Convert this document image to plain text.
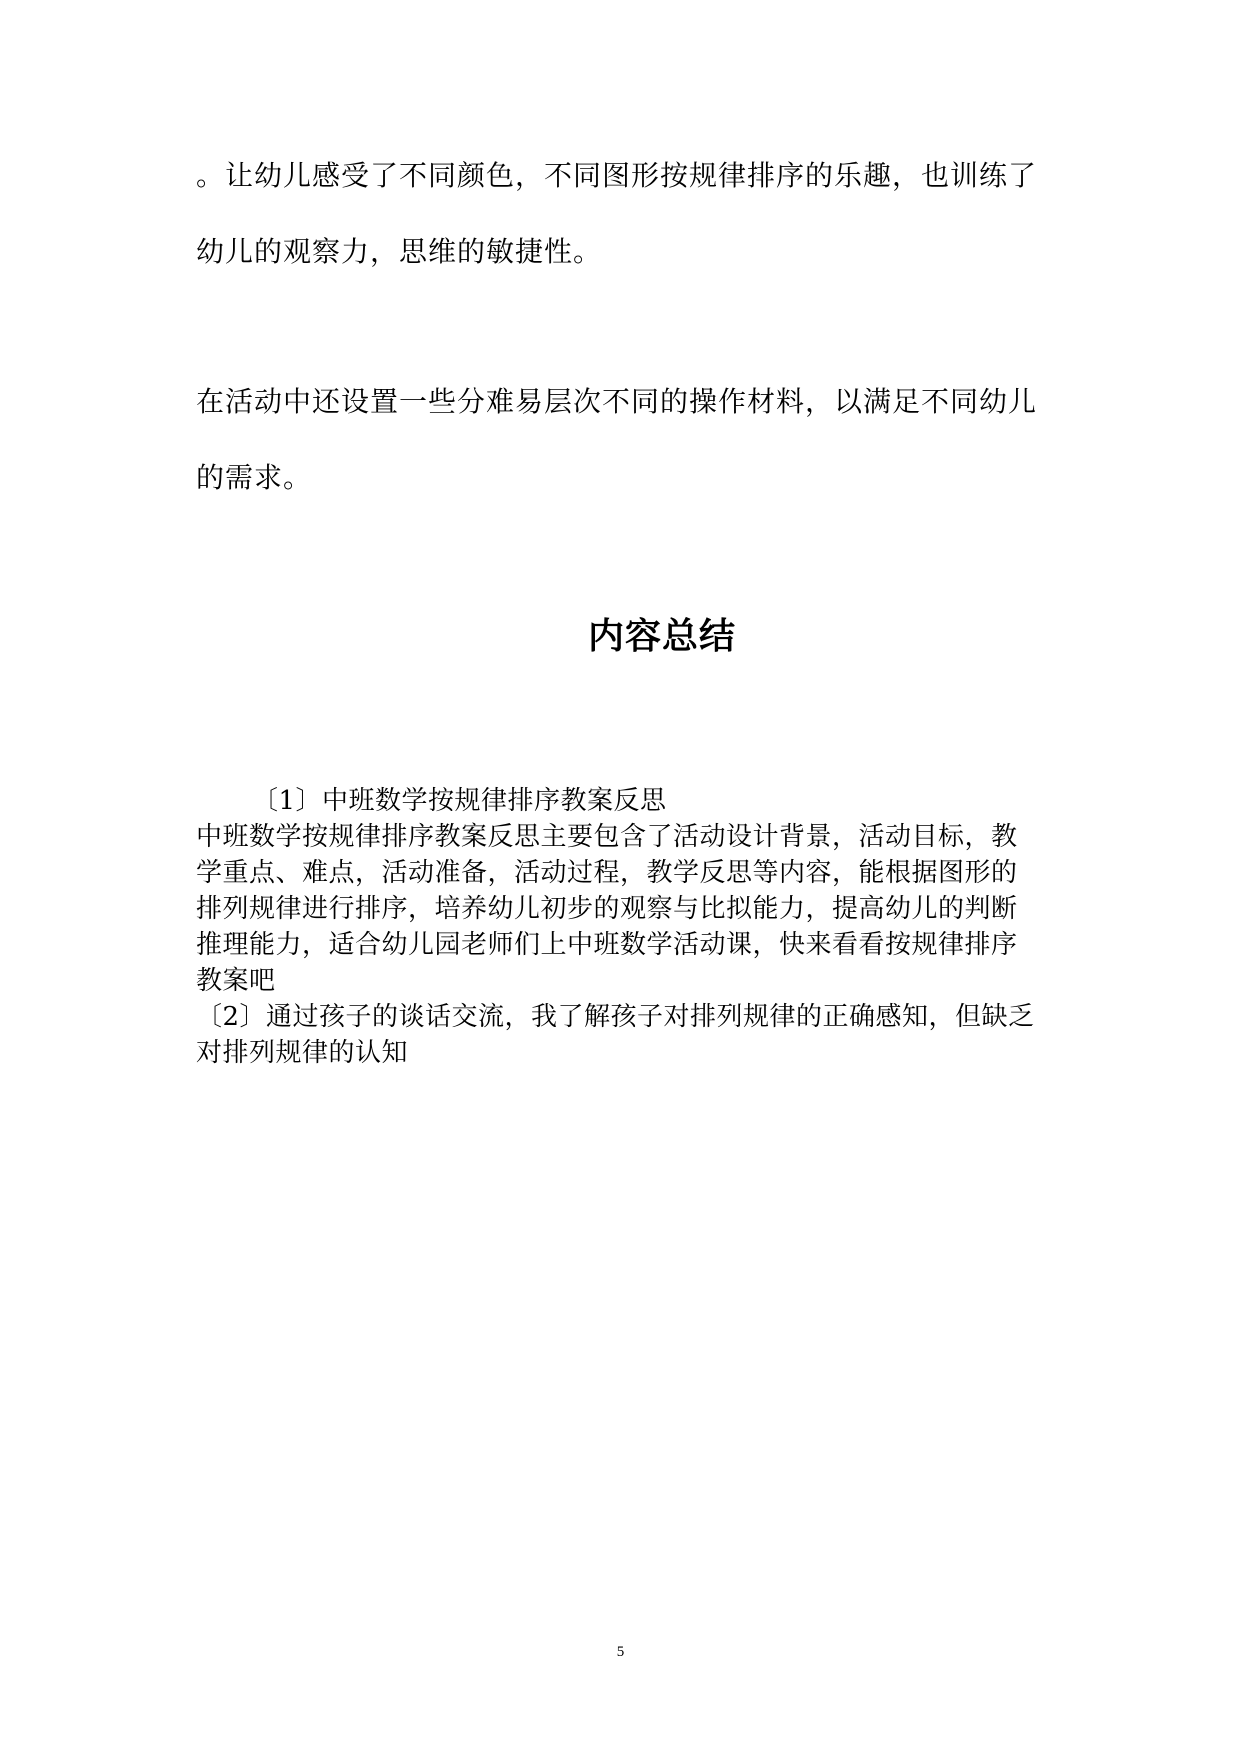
。让幼儿感受了不同颜色，不同图形按规律排序的乐趣，也训练了
幼儿的观察力，思维的敏捷性。
在活动中还设置一些分难易层次不同的操作材料，以满足不同幼儿
的需求。
内容总结
〔1〕中班数学按规律排序教案反思
中班数学按规律排序教案反思主要包含了活动设计背景，活动目标，教
学重点、难点，活动准备，活动过程，教学反思等内容，能根据图形的
排列规律进行排序，培养幼儿初步的观察与比拟能力，提高幼儿的判断
推理能力，适合幼儿园老师们上中班数学活动课，快来看看按规律排序
教案吧
〔2〕通过孩子的谈话交流，我了解孩子对排列规律的正确感知，但缺乏
对排列规律的认知
5
